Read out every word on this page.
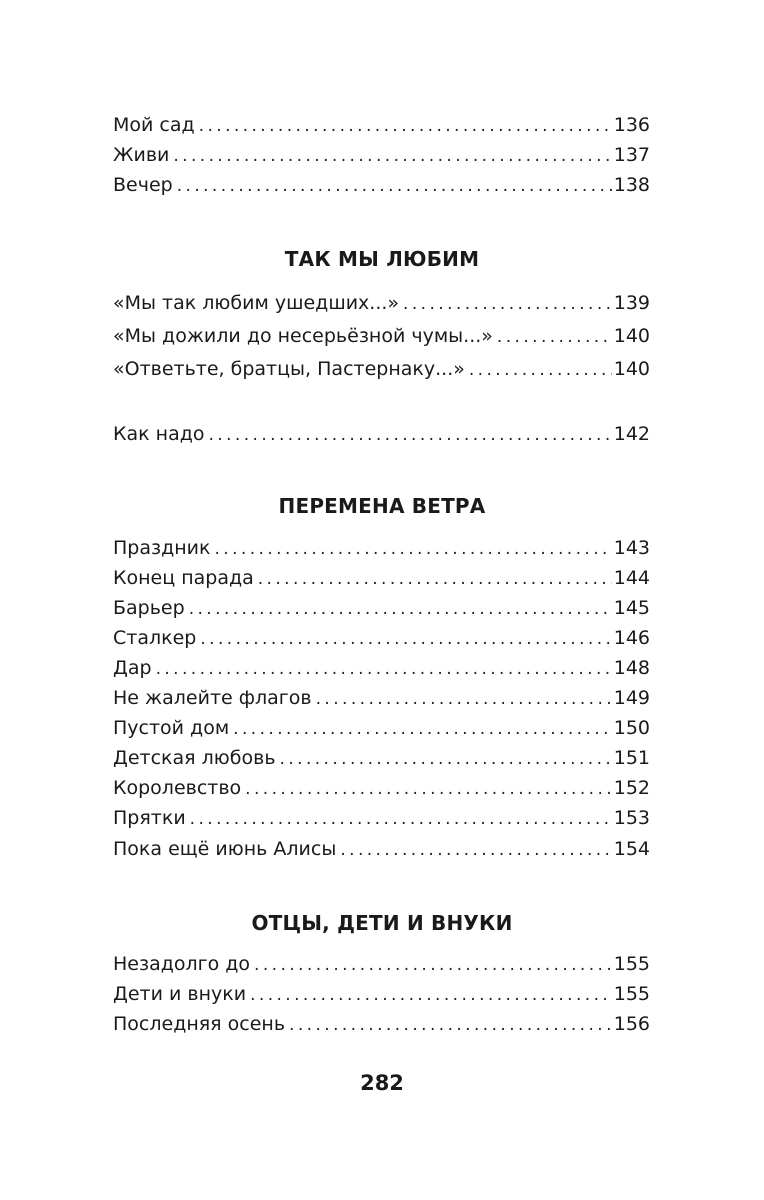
Мой сад . . .	136
Живи . . .	137
Вечер . . .	138
ТАК МЫ ЛЮБИМ
«Мы так любим ушедших...» . . .	139
«Мы дожили до несерьёзной чумы...» . . .	140
«Ответьте, братцы, Пастернаку...» . . .	140
Как надо . . .	142
ПЕРЕМЕНА ВЕТРА
Праздник . . .	143
Конец парада . . .	144
Барьер . . .	145
Сталкер . . .	146
Дар . . .	148
Не жалейте флагов . . .	149
Пустой дом . . .	150
Детская любовь . . .	151
Королевство . . .	152
Прятки . . .	153
Пока ещё июнь Алисы . . .	154
ОТЦЫ, ДЕТИ И ВНУКИ
Незадолго до . . .	155
Дети и внуки . . .	155
Последняя осень . . .	156
282
